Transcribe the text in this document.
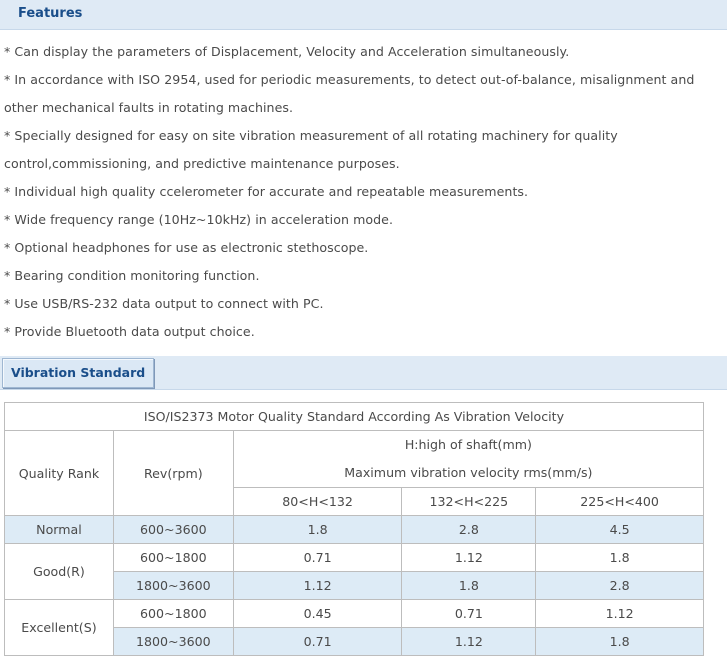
Features
* Can display the parameters of Displacement, Velocity and Acceleration simultaneously.
* In accordance with ISO 2954, used for periodic measurements, to detect out-of-balance, misalignment and other mechanical faults in rotating machines.
* Specially designed for easy on site vibration measurement of all rotating machinery for quality control,commissioning, and predictive maintenance purposes.
* Individual high quality ccelerometer for accurate and repeatable measurements.
* Wide frequency range (10Hz~10kHz) in acceleration mode.
* Optional headphones for use as electronic stethoscope.
* Bearing condition monitoring function.
* Use USB/RS-232 data output to connect with PC.
* Provide Bluetooth data output choice.
Vibration Standard
ISO/IS2373 Motor Quality Standard According As Vibration Velocity				
Quality Rank	Rev(rpm)	H:high of shaft(mm)
Maximum vibration velocity rms(mm/s)		

		80<H<132	132<H<225	225<H<400
Normal	600~3600	1.8	2.8	4.5
Good(R)	600~1800	0.71	1.12	1.8
	1800~3600	1.12	1.8	2.8
Excellent(S)	600~1800	0.45	0.71	1.12
	1800~3600	0.71	1.12	1.8
